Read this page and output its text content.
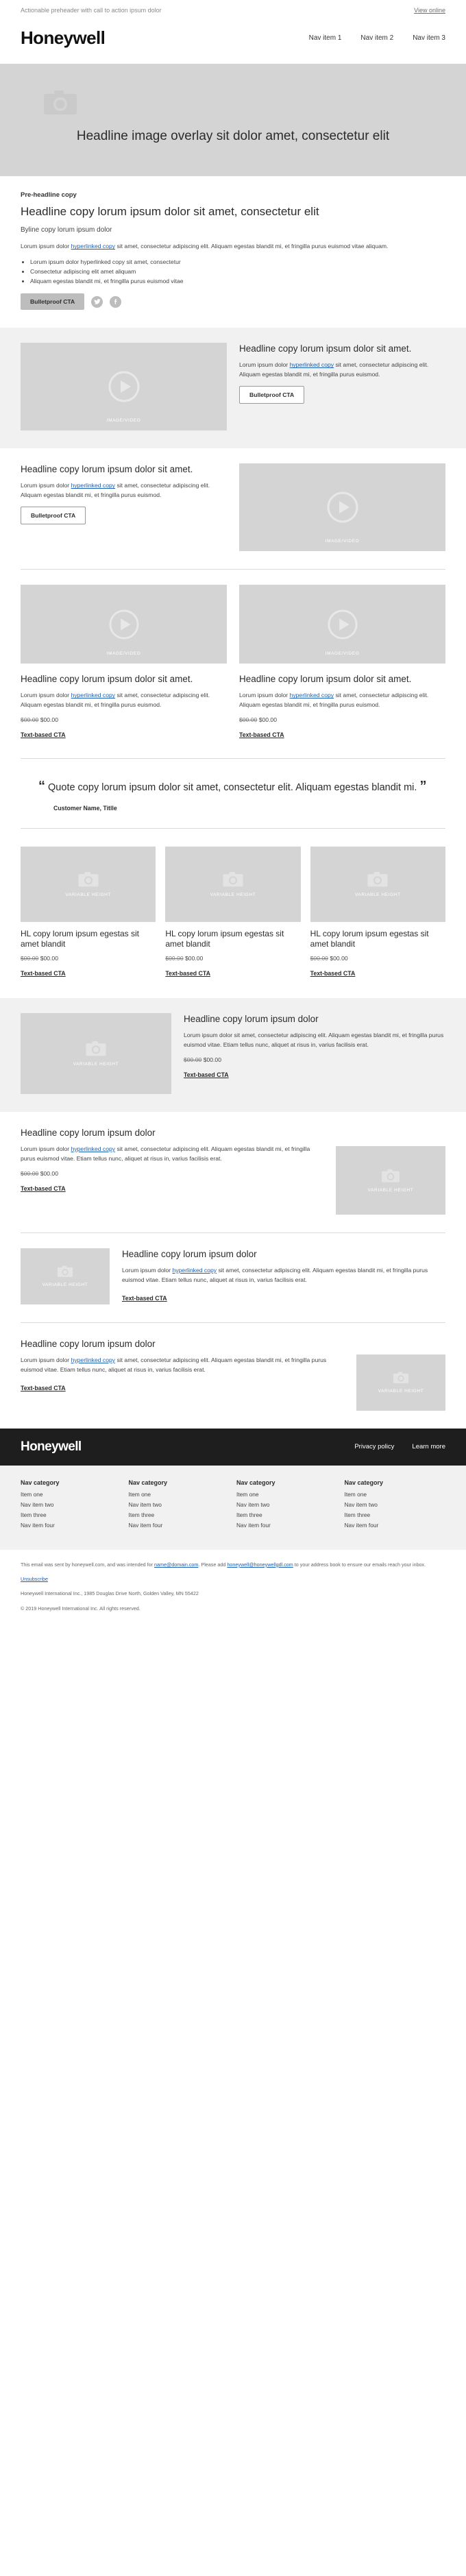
Actionable preheader with call to action ipsum dolor	View online
Honeywell	Nav item 1	Nav item 2	Nav item 3
Headline image overlay sit dolor amet, consectetur elit

Pre-headline copy

Headline copy lorum ipsum dolor sit amet, consectetur elit

Byline copy lorum ipsum dolor

Lorum ipsum dolor hyperlinked copy sit amet, consectetur adipiscing elit. Aliquam egestas blandit mi, et fringilla purus euismod vitae aliquam.

• Lorum ipsum dolor hyperlinked copy sit amet, consectetur
• Consectetur adipiscing elit amet aliquam
• Aliquam egestas blandit mi, et fringilla purus euismod vitae
Bulletproof CTA
IMAGE/VIDEO
Headline copy lorum ipsum dolor sit amet.

Lorum ipsum dolor hyperlinked copy sit amet, consectetur adipiscing elit. Aliquam egestas blandit mi, et fringilla purus euismod.

Bulletproof CTA
Headline copy lorum ipsum dolor sit amet.

Lorum ipsum dolor hyperlinked copy sit amet, consectetur adipiscing elit. Aliquam egestas blandit mi, et fringilla purus euismod.

Bulletproof CTA
IMAGE/VIDEO
IMAGE/VIDEO
Headline copy lorum ipsum dolor sit amet.

Lorum ipsum dolor hyperlinked copy sit amet, consectetur adipiscing elit. Aliquam egestas blandit mi, et fringilla purus euismod.

$00.00 $00.00

Text-based CTA
IMAGE/VIDEO
Headline copy lorum ipsum dolor sit amet.

Lorum ipsum dolor hyperlinked copy sit amet, consectetur adipiscing elit. Aliquam egestas blandit mi, et fringilla purus euismod.

$00.00 $00.00

Text-based CTA

“ Quote copy lorum ipsum dolor sit amet, consectetur elit. Aliquam egestas blandit mi. ”

Customer Name, Titlle

VARIABLE HEIGHT
HL copy lorum ipsum egestas sit amet blandit

$00.00 $00.00

Text-based CTA
VARIABLE HEIGHT
HL copy lorum ipsum egestas sit amet blandit

$00.00 $00.00

Text-based CTA
VARIABLE HEIGHT
HL copy lorum ipsum egestas sit amet blandit

$00.00 $00.00

Text-based CTA
VARIABLE HEIGHT
Headline copy lorum ipsum dolor

Lorum ipsum dolor sit amet, consectetur adipiscing elit. Aliquam egestas blandit mi, et fringilla purus euismod vitae. Etiam tellus nunc, aliquet at risus in, varius facilisis erat.

$00.00 $00.00

Text-based CTA
Headline copy lorum ipsum dolor

Lorum ipsum dolor hyperlinked copy sit amet, consectetur adipiscing elit. Aliquam egestas blandit mi, et fringilla purus euismod vitae. Etiam tellus nunc, aliquet at risus in, varius facilisis erat.

$00.00 $00.00

Text-based CTA	VARIABLE HEIGHT
VARIABLE HEIGHT
Headline copy lorum ipsum dolor

Lorum ipsum dolor hyperlinked copy sit amet, consectetur adipiscing elit. Aliquam egestas blandit mi, et fringilla purus euismod vitae. Etiam tellus nunc, aliquet at risus in, varius facilisis erat.

Text-based CTA
Headline copy lorum ipsum dolor

Lorum ipsum dolor hyperlinked copy sit amet, consectetur adipiscing elit. Aliquam egestas blandit mi, et fringilla purus euismod vitae. Etiam tellus nunc, aliquet at risus in, varius facilisis erat.

Text-based CTA	VARIABLE HEIGHT
Honeywell	Privacy policy	Learn more
Nav category
Item one
Nav item two
Item three
Nav item four
Nav category
Item one
Nav item two
Item three
Nav item four
Nav category
Item one
Nav item two
Item three
Nav item four
Nav category
Item one
Nav item two
Item three
Nav item four

This email was sent by honeywell.com, and was intended for name@domain.com. Please add honeywell@honeywellgdl.com to your address book to ensure our emails reach your inbox.

Unsubscribe

Honeywell International Inc., 1985 Douglas Drive North, Golden Valley, MN 55422

© 2019 Honeywell International Inc. All rights reserved.
